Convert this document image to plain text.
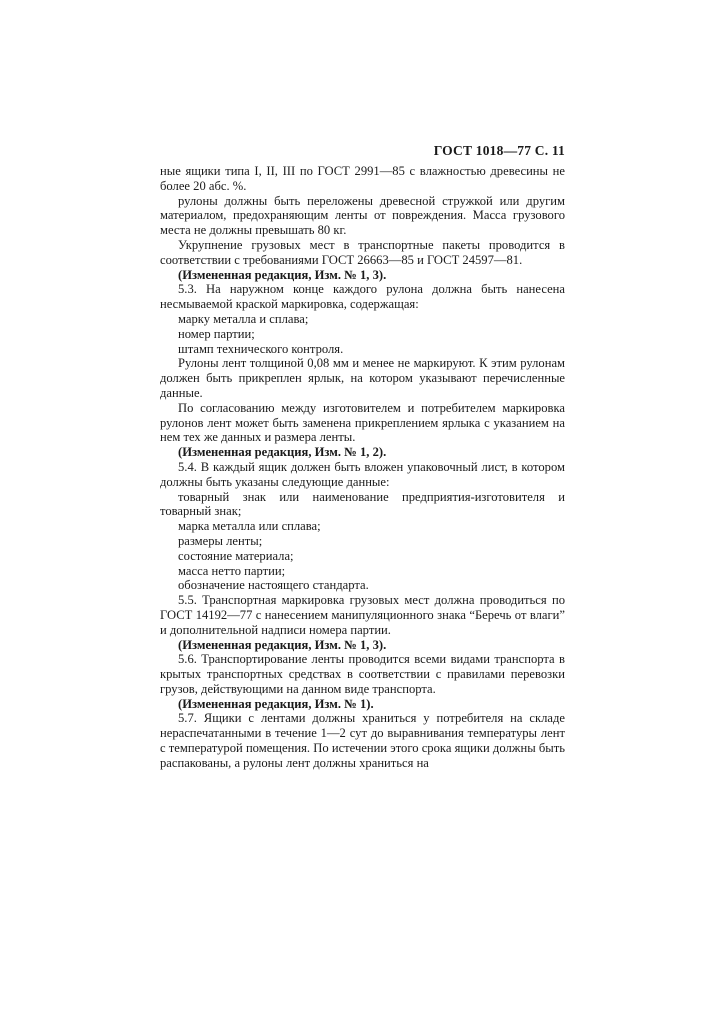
ГОСТ 1018—77 С. 11

ные ящики типа I, II, III по ГОСТ 2991—85 с влажностью древесины не более 20 абс. %.

рулоны должны быть переложены древесной стружкой или другим материалом, предохраняющим ленты от повреждения. Масса грузового места не должны превышать 80 кг.

Укрупнение грузовых мест в транспортные пакеты проводится в соответствии с требованиями ГОСТ 26663—85 и ГОСТ 24597—81.

(Измененная редакция, Изм. № 1, 3).

5.3. На наружном конце каждого рулона должна быть нанесена несмываемой краской маркировка, содержащая:

марку металла и сплава;

номер партии;

штамп технического контроля.

Рулоны лент толщиной 0,08 мм и менее не маркируют. К этим рулонам должен быть прикреплен ярлык, на котором указывают перечисленные данные.

По согласованию между изготовителем и потребителем маркировка рулонов лент может быть заменена прикреплением ярлыка с указанием на нем тех же данных и размера ленты.

(Измененная редакция, Изм. № 1, 2).

5.4. В каждый ящик должен быть вложен упаковочный лист, в котором должны быть указаны следующие данные:

товарный знак или наименование предприятия-изготовителя и товарный знак;

марка металла или сплава;

размеры ленты;

состояние материала;

масса нетто партии;

обозначение настоящего стандарта.

5.5. Транспортная маркировка грузовых мест должна проводиться по ГОСТ 14192—77 с нанесением манипуляционного знака “Беречь от влаги” и дополнительной надписи номера партии.

(Измененная редакция, Изм. № 1, 3).

5.6. Транспортирование ленты проводится всеми видами транспорта в крытых транспортных средствах в соответствии с правилами перевозки грузов, действующими на данном виде транспорта.

(Измененная редакция, Изм. № 1).

5.7. Ящики с лентами должны храниться у потребителя на складе нераспечатанными в течение 1—2 сут до выравнивания температуры лент с температурой помещения. По истечении этого срока ящики должны быть распакованы, а рулоны лент должны храниться на
